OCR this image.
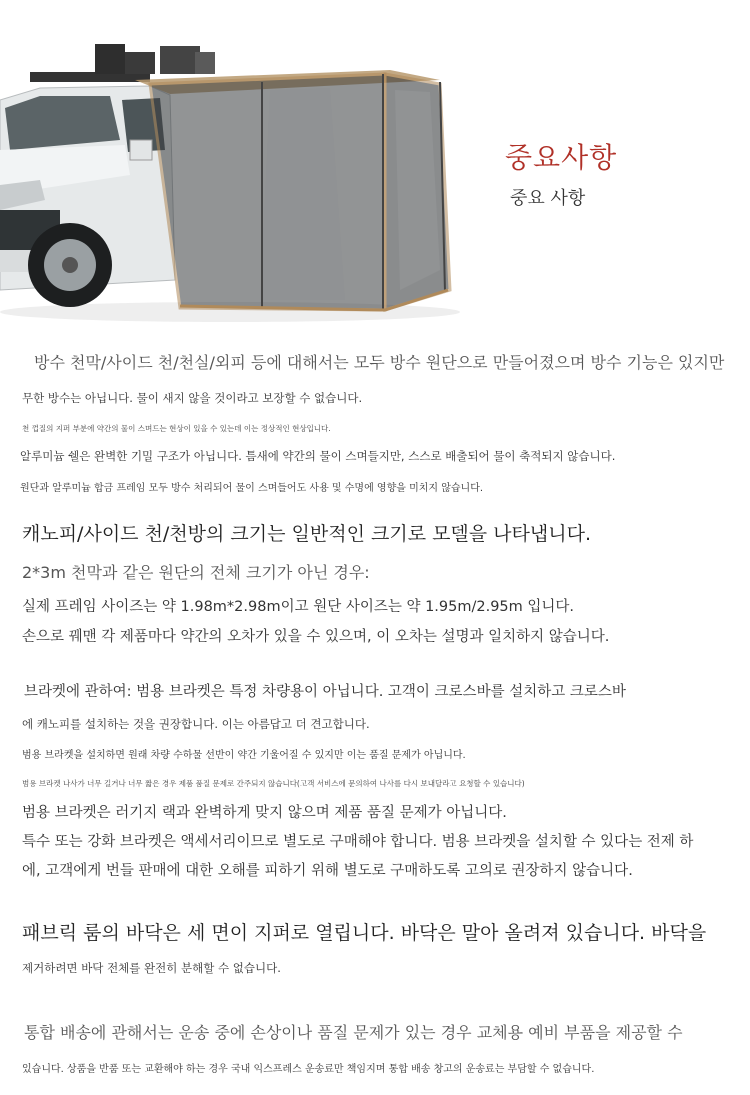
중요사항
중요 사항
방수 천막/사이드 천/천실/외피 등에 대해서는 모두 방수 원단으로 만들어졌으며 방수 기능은 있지만
무한 방수는 아닙니다. 물이 새지 않을 것이라고 보장할 수 없습니다.
천 껍질의 지퍼 부분에 약간의 물이 스며드는 현상이 있을 수 있는데 이는 정상적인 현상입니다.
알루미늄 쉘은 완벽한 기밀 구조가 아닙니다. 틈새에 약간의 물이 스며들지만, 스스로 배출되어 물이 축적되지 않습니다.
원단과 알루미늄 합금 프레임 모두 방수 처리되어 물이 스며들어도 사용 및 수명에 영향을 미치지 않습니다.
캐노피/사이드 천/천방의 크기는 일반적인 크기로 모델을 나타냅니다.
2*3m 천막과 같은 원단의 전체 크기가 아닌 경우:
실제 프레임 사이즈는 약 1.98m*2.98m이고 원단 사이즈는 약 1.95m/2.95m 입니다.
손으로 꿰맨 각 제품마다 약간의 오차가 있을 수 있으며, 이 오차는 설명과 일치하지 않습니다.
브라켓에 관하여: 범용 브라켓은 특정 차량용이 아닙니다. 고객이 크로스바를 설치하고 크로스바
에 캐노피를 설치하는 것을 권장합니다. 이는 아름답고 더 견고합니다.
범용 브라켓을 설치하면 원래 차량 수하물 선반이 약간 기울어질 수 있지만 이는 품질 문제가 아닙니다.
범용 브라켓 나사가 너무 길거나 너무 짧은 경우 제품 품질 문제로 간주되지 않습니다(고객 서비스에 문의하여 나사를 다시 보내달라고 요청할 수 있습니다)
범용 브라켓은 러기지 랙과 완벽하게 맞지 않으며 제품 품질 문제가 아닙니다.
특수 또는 강화 브라켓은 액세서리이므로 별도로 구매해야 합니다. 범용 브라켓을 설치할 수 있다는 전제 하
에, 고객에게 번들 판매에 대한 오해를 피하기 위해 별도로 구매하도록 고의로 권장하지 않습니다.
패브릭 룸의 바닥은 세 면이 지퍼로 열립니다. 바닥은 말아 올려져 있습니다. 바닥을
제거하려면 바닥 전체를 완전히 분해할 수 없습니다.
통합 배송에 관해서는 운송 중에 손상이나 품질 문제가 있는 경우 교체용 예비 부품을 제공할 수
있습니다. 상품을 반품 또는 교환해야 하는 경우 국내 익스프레스 운송료만 책임지며 통합 배송 창고의 운송료는 부담할 수 없습니다.
